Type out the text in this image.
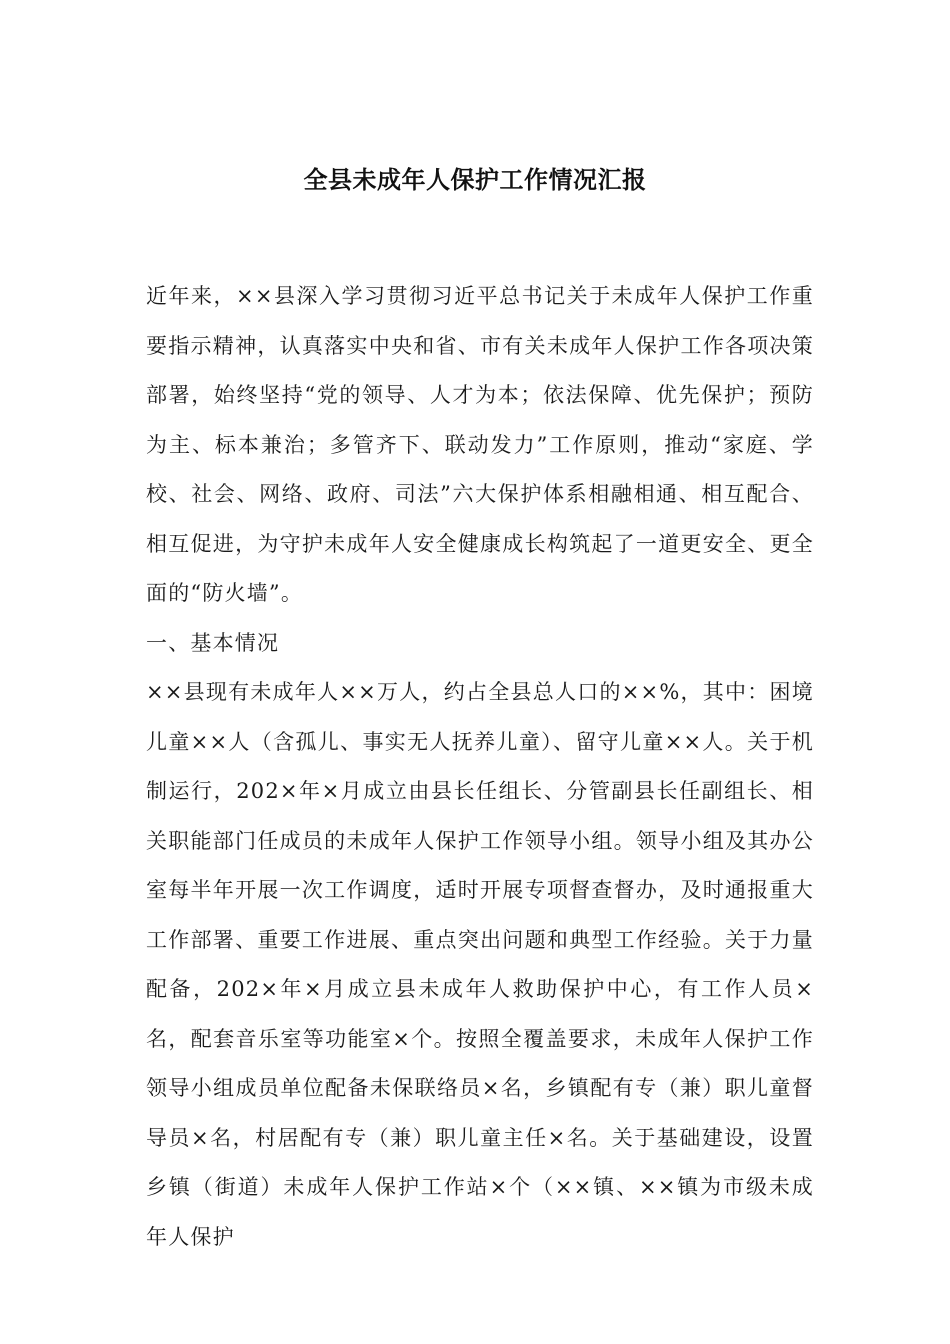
全县未成年人保护工作情况汇报

近年来，××县深入学习贯彻习近平总书记关于未成年人保护工作重要指示精神，认真落实中央和省、市有关未成年人保护工作各项决策部署，始终坚持“党的领导、人才为本；依法保障、优先保护；预防为主、标本兼治；多管齐下、联动发力”工作原则，推动“家庭、学校、社会、网络、政府、司法”六大保护体系相融相通、相互配合、相互促进，为守护未成年人安全健康成长构筑起了一道更安全、更全面的“防火墙”。

一、基本情况

××县现有未成年人××万人，约占全县总人口的××%，其中：困境儿童××人（含孤儿、事实无人抚养儿童）、留守儿童××人。关于机制运行，202×年×月成立由县长任组长、分管副县长任副组长、相关职能部门任成员的未成年人保护工作领导小组。领导小组及其办公室每半年开展一次工作调度，适时开展专项督查督办，及时通报重大工作部署、重要工作进展、重点突出问题和典型工作经验。关于力量配备，202×年×月成立县未成年人救助保护中心，有工作人员×名，配套音乐室等功能室×个。按照全覆盖要求，未成年人保护工作领导小组成员单位配备未保联络员×名，乡镇配有专（兼）职儿童督导员×名，村居配有专（兼）职儿童主任×名。关于基础建设，设置乡镇（街道）未成年人保护工作站×个（××镇、××镇为市级未成年人保护
